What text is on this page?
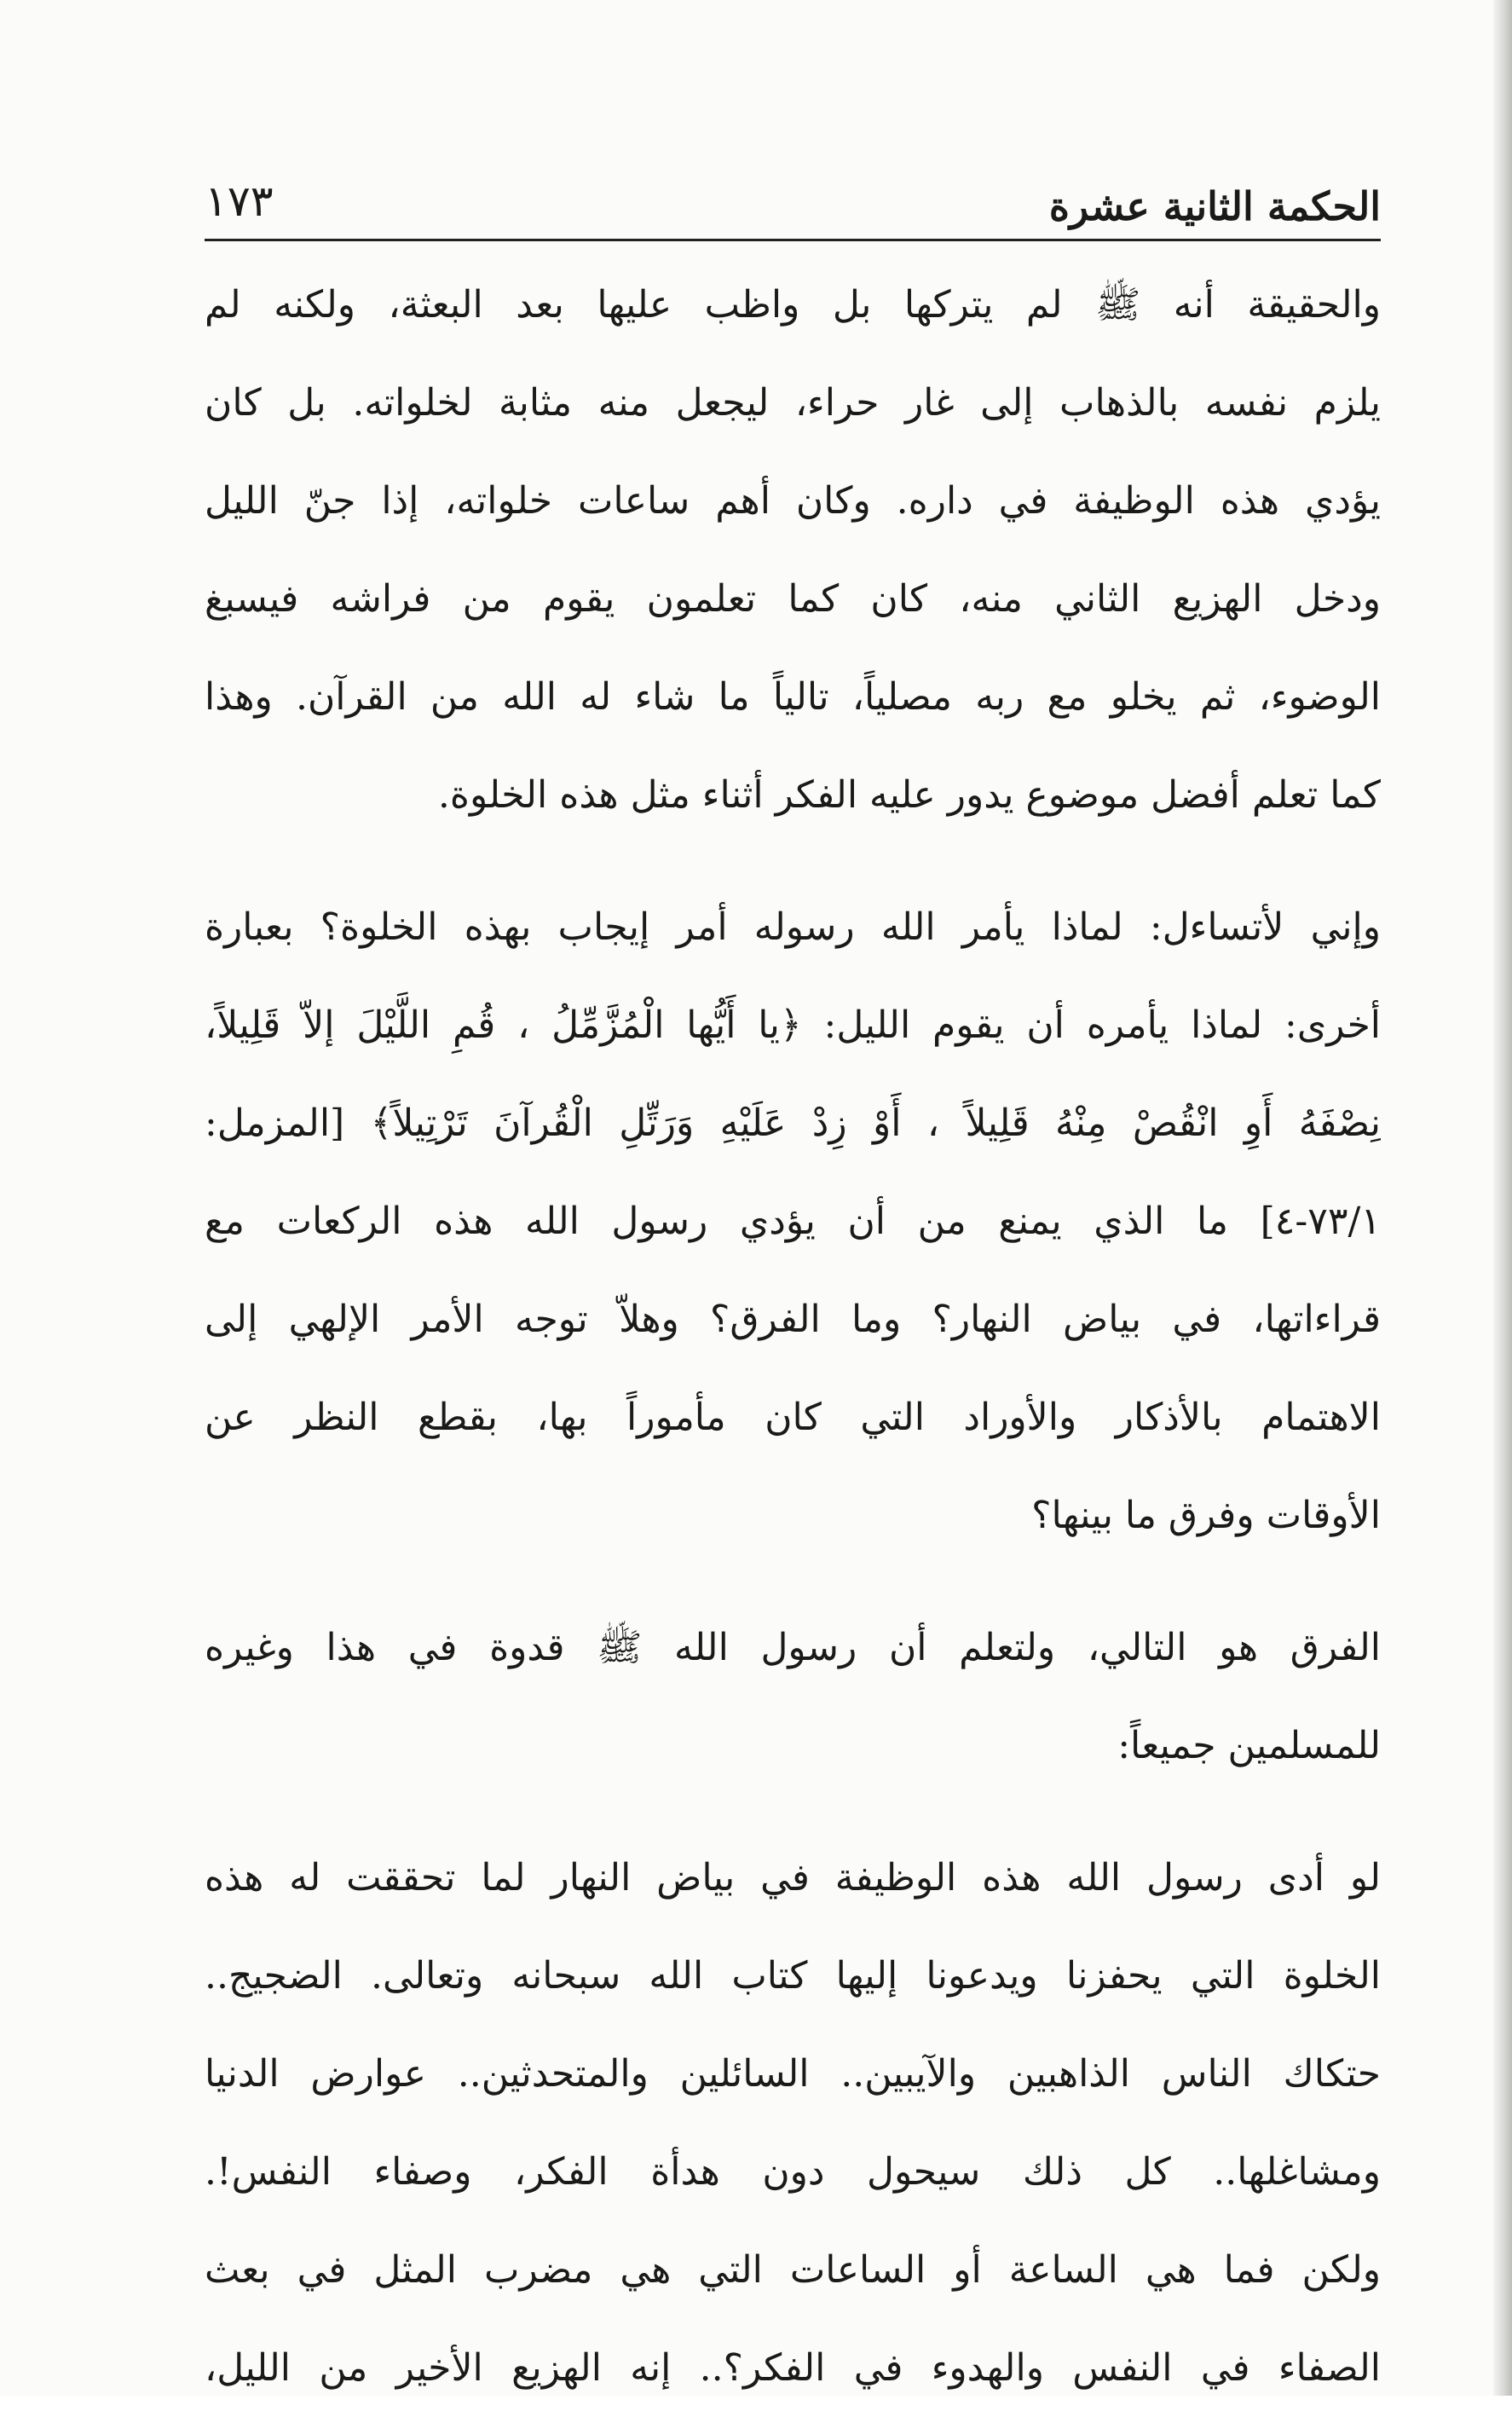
الحكمة الثانية عشرة
١٧٣
والحقيقة أنه ﷺ لم يتركها بل واظب عليها بعد البعثة، ولكنه لم
يلزم نفسه بالذهاب إلى غار حراء، ليجعل منه مثابة لخلواته. بل كان
يؤدي هذه الوظيفة في داره. وكان أهم ساعات خلواته، إذا جنّ الليل
ودخل الهزيع الثاني منه، كان كما تعلمون يقوم من فراشه فيسبغ
الوضوء، ثم يخلو مع ربه مصلياً، تالياً ما شاء له الله من القرآن. وهذا
كما تعلم أفضل موضوع يدور عليه الفكر أثناء مثل هذه الخلوة.
وإني لأتساءل: لماذا يأمر الله رسوله أمر إيجاب بهذه الخلوة؟ بعبارة
أخرى: لماذا يأمره أن يقوم الليل: ﴿يا أَيُّها الْمُزَّمِّلُ ، قُمِ اللَّيْلَ إلاّ قَلِيلاً،
نِصْفَهُ أَوِ انْقُصْ مِنْهُ قَلِيلاً ، أَوْ زِدْ عَلَيْهِ وَرَتِّلِ الْقُرآنَ تَرْتِيلاً﴾ [المزمل:
٧٣/١-٤] ما الذي يمنع من أن يؤدي رسول الله هذه الركعات مع
قراءاتها، في بياض النهار؟ وما الفرق؟ وهلاّ توجه الأمر الإلهي إلى
الاهتمام بالأذكار والأوراد التي كان مأموراً بها، بقطع النظر عن
الأوقات وفرق ما بينها؟
الفرق هو التالي، ولتعلم أن رسول الله ﷺ قدوة في هذا وغيره
للمسلمين جميعاً:
لو أدى رسول الله هذه الوظيفة في بياض النهار لما تحققت له هذه
الخلوة التي يحفزنا ويدعونا إليها كتاب الله سبحانه وتعالى. الضجيج..
حتكاك الناس الذاهبين والآيبين.. السائلين والمتحدثين.. عوارض الدنيا
ومشاغلها.. كل ذلك سيحول دون هدأة الفكر، وصفاء النفس!.
ولكن فما هي الساعة أو الساعات التي هي مضرب المثل في بعث
الصفاء في النفس والهدوء في الفكر؟.. إنه الهزيع الأخير من الليل،
